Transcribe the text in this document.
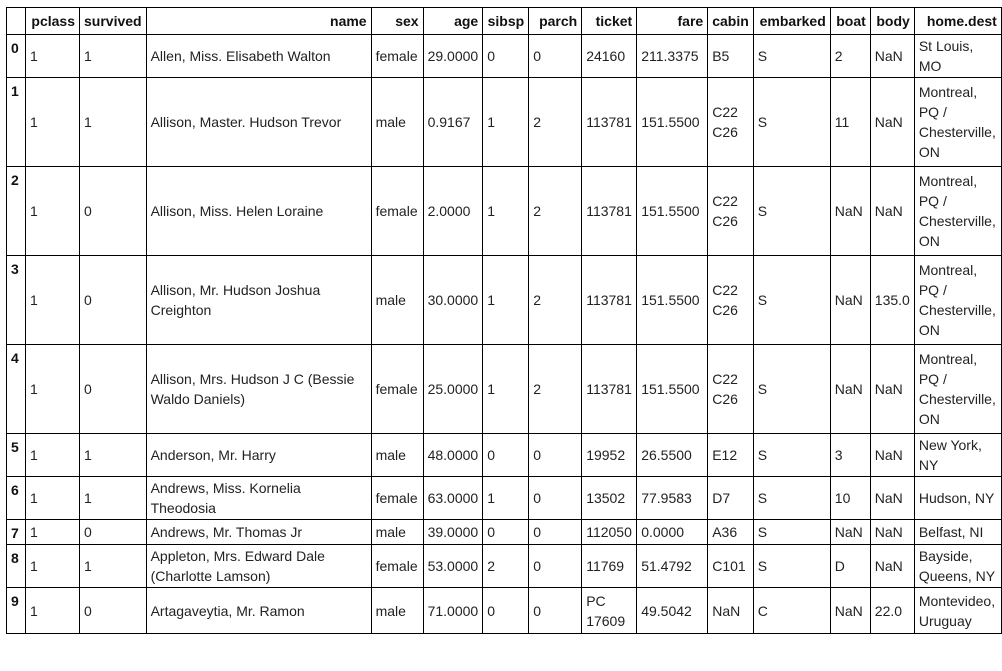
	pclass	survived	name	sex	age	sibsp	parch	ticket	fare	cabin	embarked	boat	body	home.dest
0	1	1	Allen, Miss. Elisabeth Walton	female	29.0000	0	0	24160	211.3375	B5	S	2	NaN	St Louis, MO
1	1	1	Allison, Master. Hudson Trevor	male	0.9167	1	2	113781	151.5500	C22 C26	S	11	NaN	Montreal, PQ / Chesterville, ON
2	1	0	Allison, Miss. Helen Loraine	female	2.0000	1	2	113781	151.5500	C22 C26	S	NaN	NaN	Montreal, PQ / Chesterville, ON
3	1	0	Allison, Mr. Hudson Joshua Creighton	male	30.0000	1	2	113781	151.5500	C22 C26	S	NaN	135.0	Montreal, PQ / Chesterville, ON
4	1	0	Allison, Mrs. Hudson J C (Bessie Waldo Daniels)	female	25.0000	1	2	113781	151.5500	C22 C26	S	NaN	NaN	Montreal, PQ / Chesterville, ON
5	1	1	Anderson, Mr. Harry	male	48.0000	0	0	19952	26.5500	E12	S	3	NaN	New York, NY
6	1	1	Andrews, Miss. Kornelia Theodosia	female	63.0000	1	0	13502	77.9583	D7	S	10	NaN	Hudson, NY
7	1	0	Andrews, Mr. Thomas Jr	male	39.0000	0	0	112050	0.0000	A36	S	NaN	NaN	Belfast, NI
8	1	1	Appleton, Mrs. Edward Dale (Charlotte Lamson)	female	53.0000	2	0	11769	51.4792	C101	S	D	NaN	Bayside, Queens, NY
9	1	0	Artagaveytia, Mr. Ramon	male	71.0000	0	0	PC 17609	49.5042	NaN	C	NaN	22.0	Montevideo, Uruguay
